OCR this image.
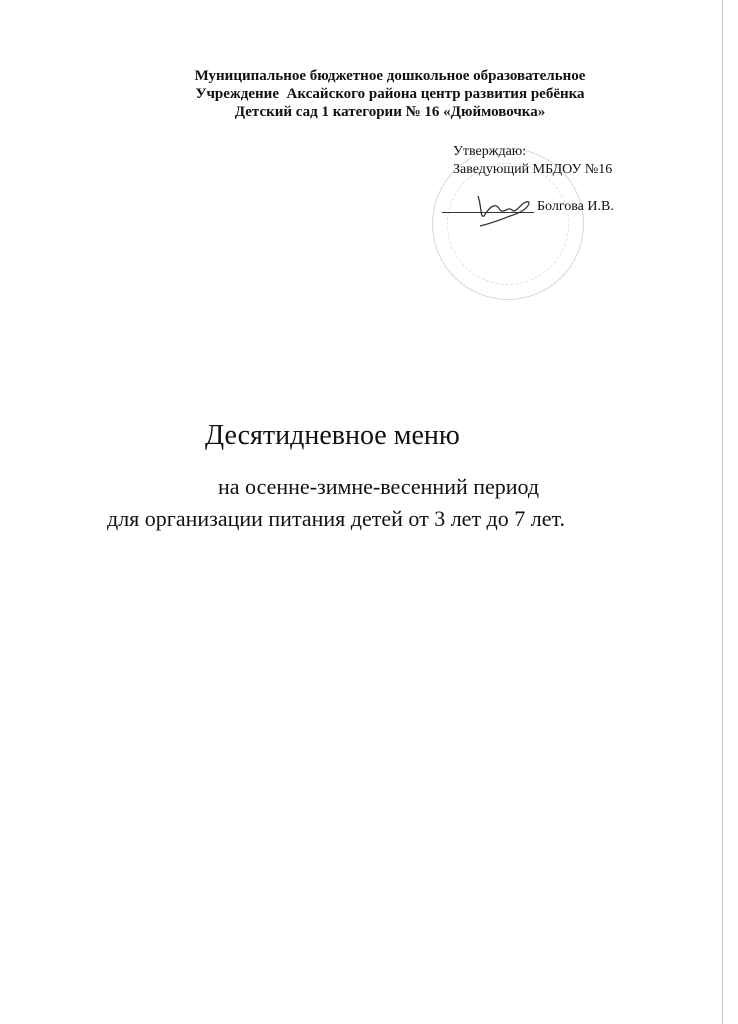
Муниципальное бюджетное дошкольное образовательное
Учреждение  Аксайского района центр развития ребёнка
Детский сад 1 категории № 16 «Дюймовочка»
Утверждаю:
Заведующий МБДОУ №16
Болгова И.В.
Десятидневное меню
на осенне-зимне-весенний период
для организации питания детей от 3 лет до 7 лет.
